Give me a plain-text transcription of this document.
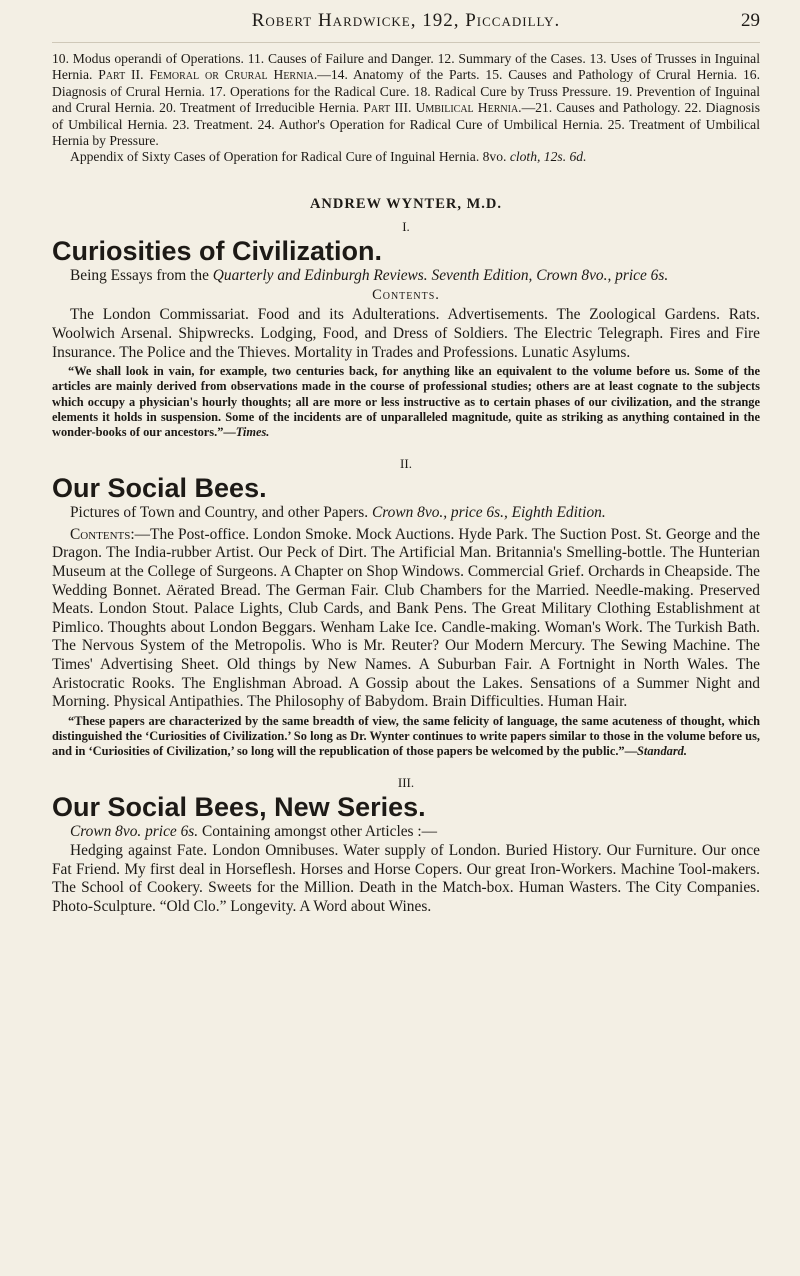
Robert Hardwicke, 192, Piccadilly.	29

10. Modus operandi of Operations. 11. Causes of Failure and Danger. 12. Summary of the Cases. 13. Uses of Trusses in Inguinal Hernia. Part II. Femoral or Crural Hernia.—14. Anatomy of the Parts. 15. Causes and Pathology of Crural Hernia. 16. Diagnosis of Crural Hernia. 17. Operations for the Radical Cure. 18. Radical Cure by Truss Pressure. 19. Prevention of Inguinal and Crural Hernia. 20. Treatment of Irreducible Hernia. Part III. Umbilical Hernia.—21. Causes and Pathology. 22. Diagnosis of Umbilical Hernia. 23. Treatment. 24. Author's Operation for Radical Cure of Umbilical Hernia. 25. Treatment of Umbilical Hernia by Pressure.

Appendix of Sixty Cases of Operation for Radical Cure of Inguinal Hernia. 8vo. cloth, 12s. 6d.

ANDREW WYNTER, M.D.
I.
Curiosities of Civilization.

Being Essays from the Quarterly and Edinburgh Reviews. Seventh Edition, Crown 8vo., price 6s.

Contents.

The London Commissariat. Food and its Adulterations. Advertisements. The Zoological Gardens. Rats. Woolwich Arsenal. Shipwrecks. Lodging, Food, and Dress of Soldiers. The Electric Telegraph. Fires and Fire Insurance. The Police and the Thieves. Mortality in Trades and Professions. Lunatic Asylums.

“We shall look in vain, for example, two centuries back, for anything like an equivalent to the volume before us. Some of the articles are mainly derived from observations made in the course of professional studies; others are at least cognate to the subjects which occupy a physician's hourly thoughts; all are more or less instructive as to certain phases of our civilization, and the strange elements it holds in suspension. Some of the incidents are of unparalleled magnitude, quite as striking as anything contained in the wonder-books of our ancestors.”—Times.

II.
Our Social Bees.

Pictures of Town and Country, and other Papers. Crown 8vo., price 6s., Eighth Edition.

Contents:—The Post-office. London Smoke. Mock Auctions. Hyde Park. The Suction Post. St. George and the Dragon. The India-rubber Artist. Our Peck of Dirt. The Artificial Man. Britannia's Smelling-bottle. The Hunterian Museum at the College of Surgeons. A Chapter on Shop Windows. Commercial Grief. Orchards in Cheapside. The Wedding Bonnet. Aërated Bread. The German Fair. Club Chambers for the Married. Needle-making. Preserved Meats. London Stout. Palace Lights, Club Cards, and Bank Pens. The Great Military Clothing Establishment at Pimlico. Thoughts about London Beggars. Wenham Lake Ice. Candle-making. Woman's Work. The Turkish Bath. The Nervous System of the Metropolis. Who is Mr. Reuter? Our Modern Mercury. The Sewing Machine. The Times' Advertising Sheet. Old things by New Names. A Suburban Fair. A Fortnight in North Wales. The Aristocratic Rooks. The Englishman Abroad. A Gossip about the Lakes. Sensations of a Summer Night and Morning. Physical Antipathies. The Philosophy of Babydom. Brain Difficulties. Human Hair.

“These papers are characterized by the same breadth of view, the same felicity of language, the same acuteness of thought, which distinguished the ‘Curiosities of Civilization.’ So long as Dr. Wynter continues to write papers similar to those in the volume before us, and in ‘Curiosities of Civilization,’ so long will the republication of those papers be welcomed by the public.”—Standard.

III.
Our Social Bees, New Series.

Crown 8vo. price 6s. Containing amongst other Articles :—

Hedging against Fate. London Omnibuses. Water supply of London. Buried History. Our Furniture. Our once Fat Friend. My first deal in Horseflesh. Horses and Horse Copers. Our great Iron-Workers. Machine Tool-makers. The School of Cookery. Sweets for the Million. Death in the Match-box. Human Wasters. The City Companies. Photo-Sculpture. “Old Clo.” Longevity. A Word about Wines.
